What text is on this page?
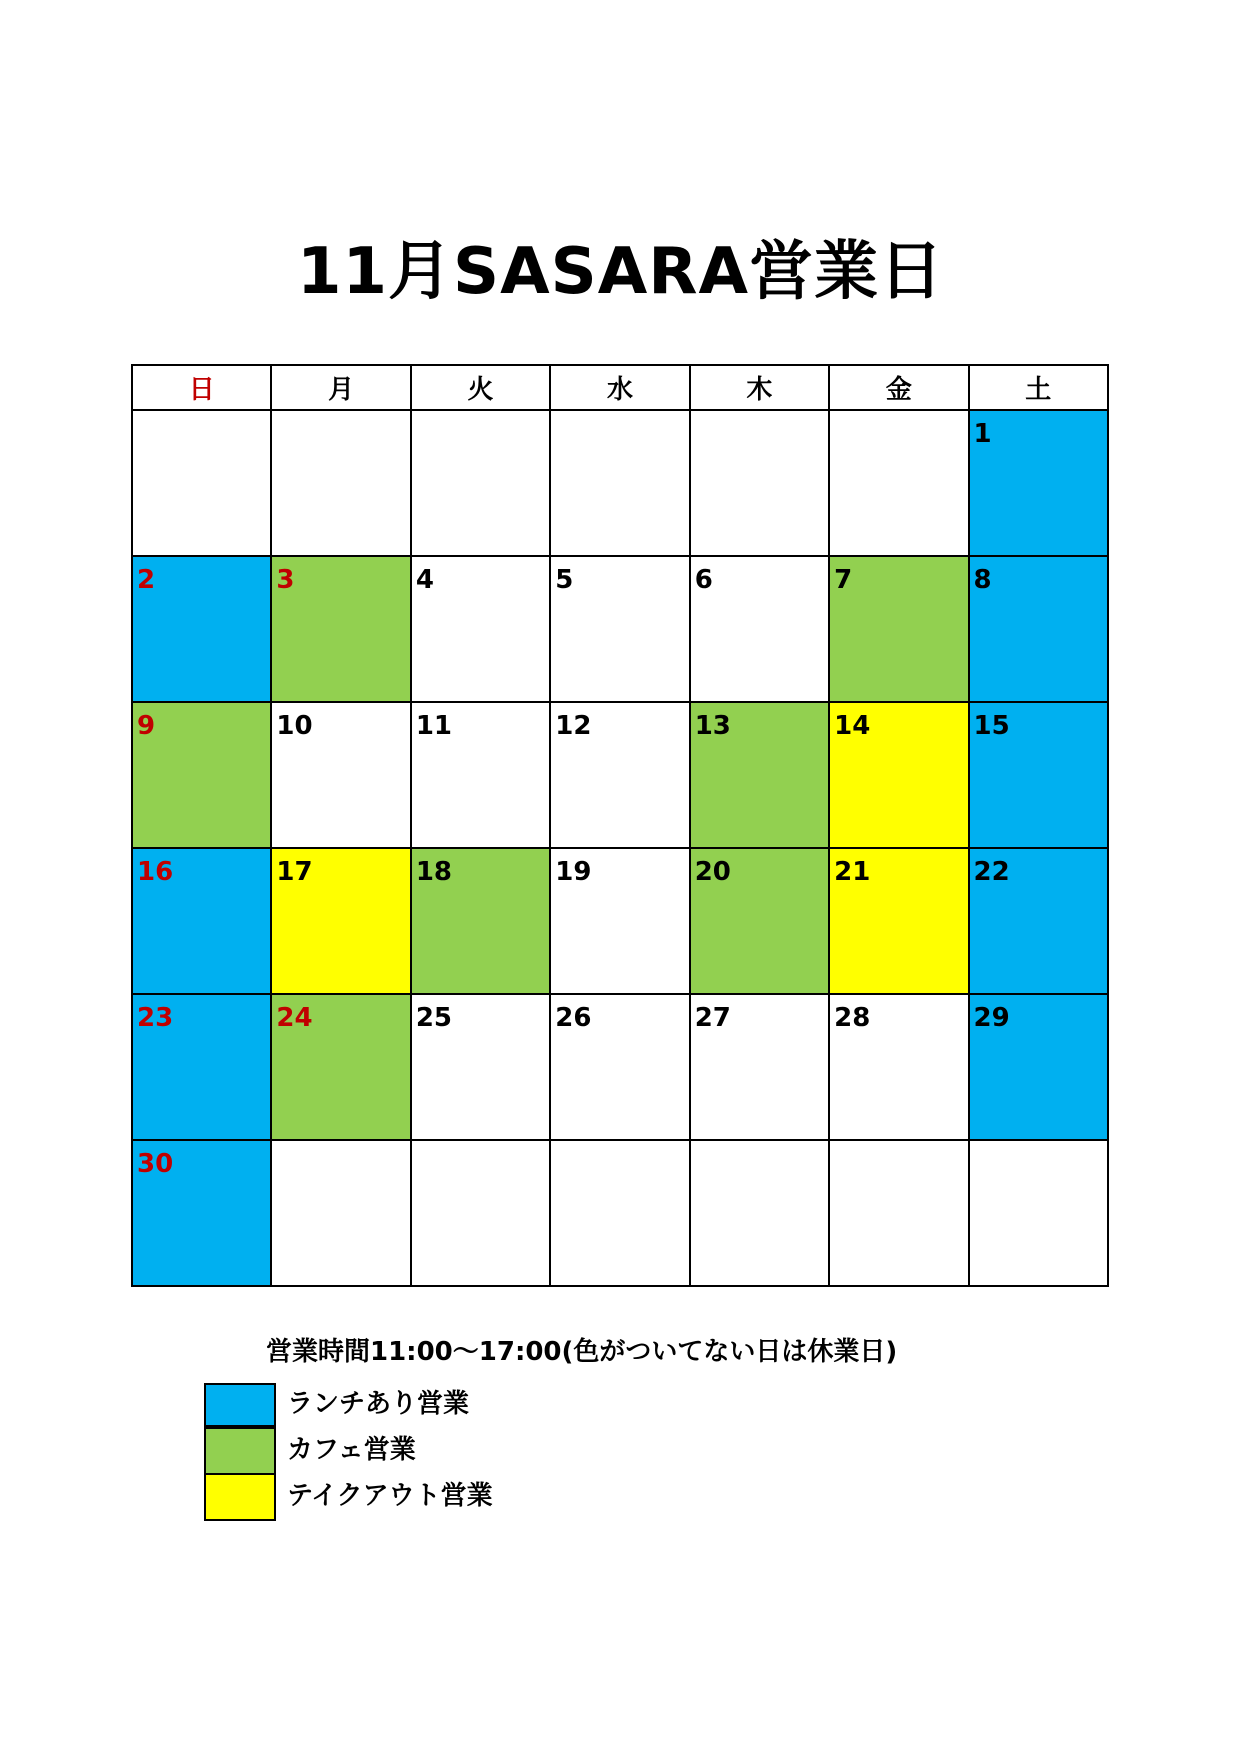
11月SASARA営業日
日	月	火	水	木	金	土

						1

2	3	4	5	6	7	8

9	10	11	12	13	14	15

16	17	18	19	20	21	22

23	24	25	26	27	28	29

30						

営業時間11:00～17:00(色がついてない日は休業日)
ランチあり営業
カフェ営業
テイクアウト営業
